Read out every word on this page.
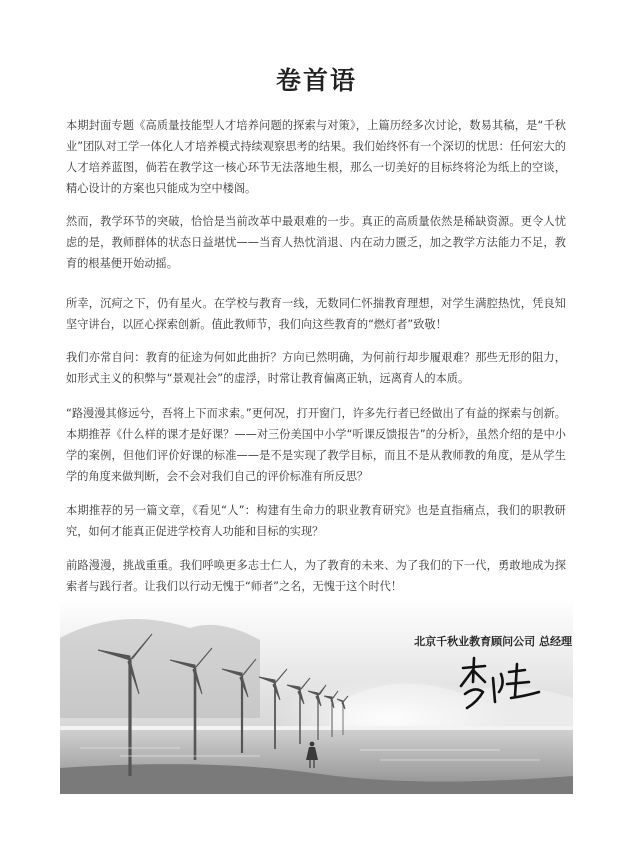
卷首语

本期封面专题《高质量技能型人才培养问题的探索与对策》，上篇历经多次讨论，数易其稿，是“千秋业”团队对工学一体化人才培养模式持续观察思考的结果。我们始终怀有一个深切的忧思：任何宏大的人才培养蓝图，倘若在教学这一核心环节无法落地生根，那么一切美好的目标终将沦为纸上的空谈，精心设计的方案也只能成为空中楼阁。

然而，教学环节的突破，恰恰是当前改革中最艰难的一步。真正的高质量依然是稀缺资源。更令人忧虑的是，教师群体的状态日益堪忧——当育人热忱消退、内在动力匮乏，加之教学方法能力不足，教育的根基便开始动摇。

所幸，沉疴之下，仍有星火。在学校与教育一线，无数同仁怀揣教育理想，对学生满腔热忱，凭良知坚守讲台，以匠心探索创新。值此教师节，我们向这些教育的“燃灯者”致敬！

我们亦常自问：教育的征途为何如此曲折？方向已然明确，为何前行却步履艰难？那些无形的阻力，如形式主义的积弊与“景观社会”的虚浮，时常让教育偏离正轨，远离育人的本质。

“路漫漫其修远兮，吾将上下而求索。”更何况，打开窗门，许多先行者已经做出了有益的探索与创新。本期推荐《什么样的课才是好课？——对三份美国中小学“听课反馈报告”的分析》，虽然介绍的是中小学的案例，但他们评价好课的标准——是不是实现了教学目标，而且不是从教师教的角度，是从学生学的角度来做判断，会不会对我们自己的评价标准有所反思？

本期推荐的另一篇文章，《看见“人”：构建有生命力的职业教育研究》也是直指痛点，我们的职教研究，如何才能真正促进学校育人功能和目标的实现？

前路漫漫，挑战重重。我们呼唤更多志士仁人，为了教育的未来、为了我们的下一代，勇敢地成为探索者与践行者。让我们以行动无愧于“师者”之名，无愧于这个时代！

北京千秋业教育顾问公司 总经理
